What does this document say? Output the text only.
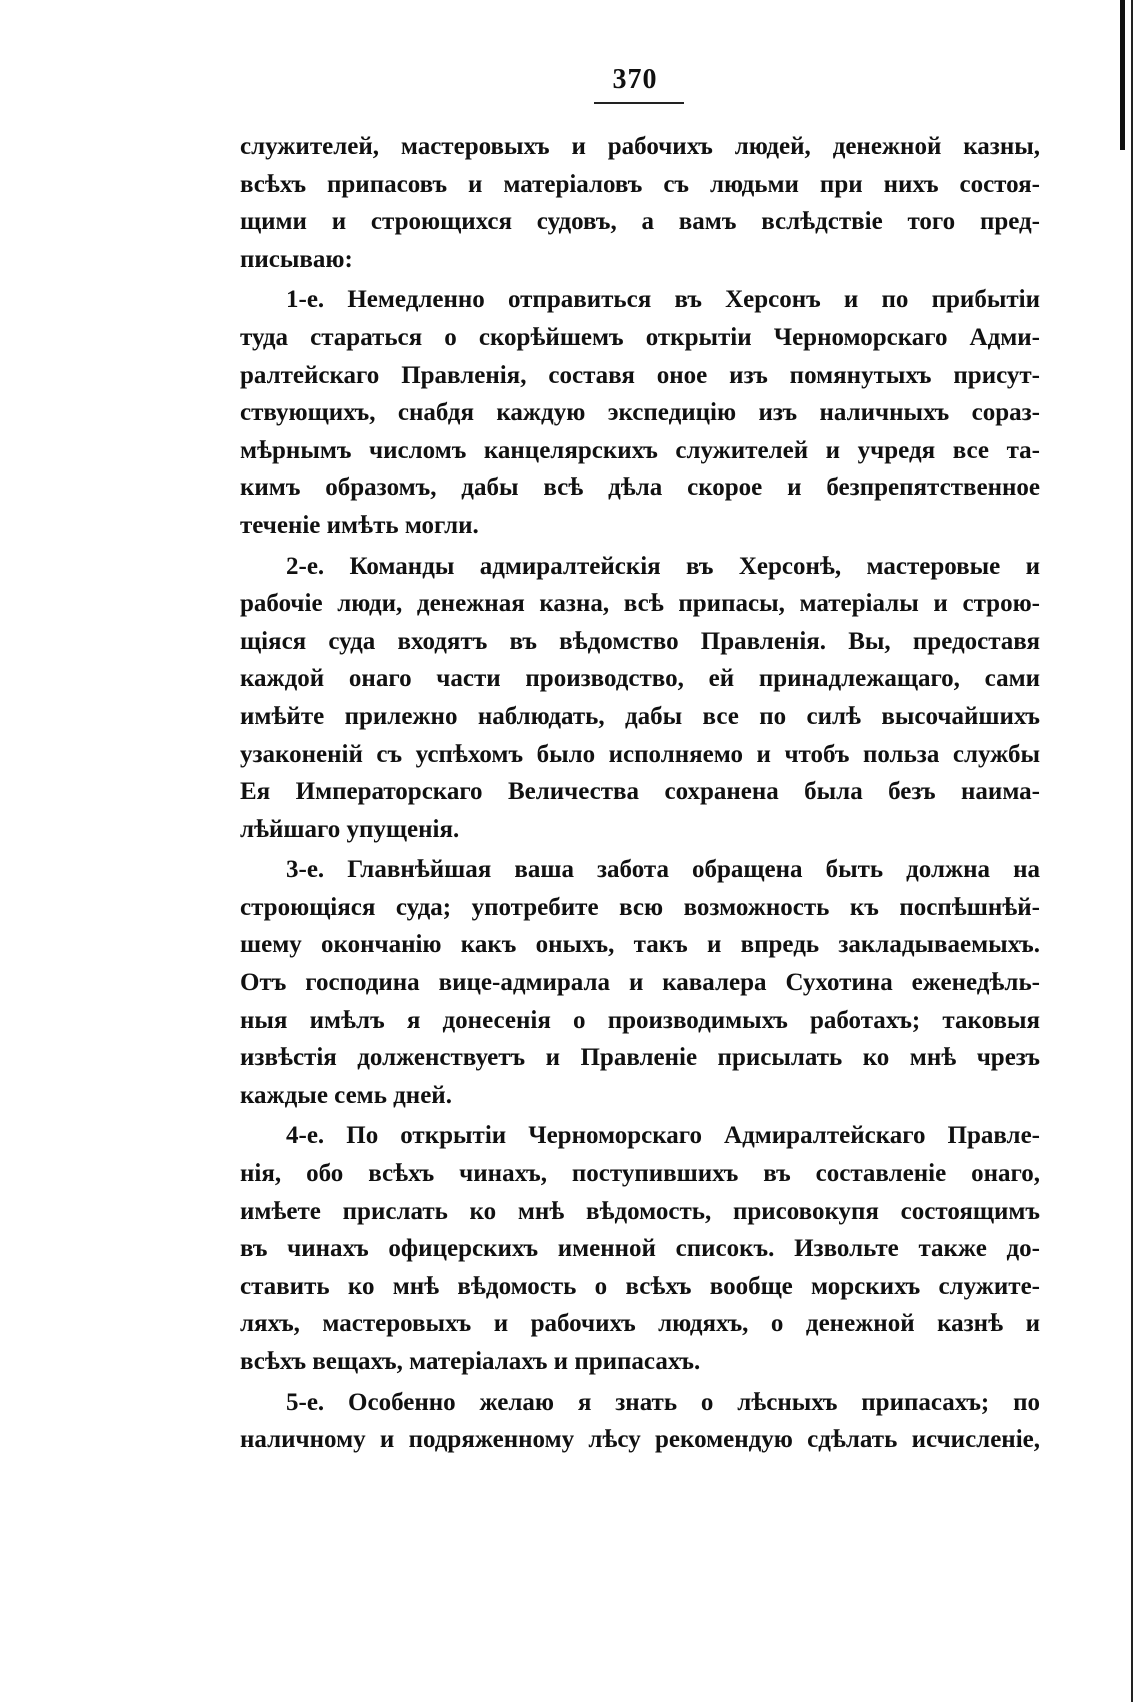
370
служителей, мастеровыхъ и рабочихъ людей, денежной казны,
всѣхъ припасовъ и матеріаловъ съ людьми при нихъ состоя-
щими и строющихся судовъ, а вамъ вслѣдствіе того пред-
писываю:
1-е. Немедленно отправиться въ Херсонъ и по прибытіи
туда стараться о скорѣйшемъ открытіи Черноморскаго Адми-
ралтейскаго Правленія, составя оное изъ помянутыхъ присут-
ствующихъ, снабдя каждую экспедицію изъ наличныхъ сораз-
мѣрнымъ числомъ канцелярскихъ служителей и учредя все та-
кимъ образомъ, дабы всѣ дѣла скорое и безпрепятственное
теченіе имѣть могли.
2-е. Команды адмиралтейскія въ Херсонѣ, мастеровые и
рабочіе люди, денежная казна, всѣ припасы, матеріалы и строю-
щіяся суда входятъ въ вѣдомство Правленія. Вы, предоставя
каждой онаго части производство, ей принадлежащаго, сами
имѣйте прилежно наблюдать, дабы все по силѣ высочайшихъ
узаконеній съ успѣхомъ было исполняемо и чтобъ польза службы
Ея Императорскаго Величества сохранена была безъ наима-
лѣйшаго упущенія.
3-е. Главнѣйшая ваша забота обращена быть должна на
строющіяся суда; употребите всю возможность къ поспѣшнѣй-
шему окончанію какъ оныхъ, такъ и впредь закладываемыхъ.
Отъ господина вице-адмирала и кавалера Сухотина еженедѣль-
ныя имѣлъ я донесенія о производимыхъ работахъ; таковыя
извѣстія долженствуетъ и Правленіе присылать ко мнѣ чрезъ
каждые семь дней.
4-е. По открытіи Черноморскаго Адмиралтейскаго Правле-
нія, обо всѣхъ чинахъ, поступившихъ въ составленіе онаго,
имѣете прислать ко мнѣ вѣдомость, присовокупя состоящимъ
въ чинахъ офицерскихъ именной списокъ. Извольте также до-
ставить ко мнѣ вѣдомость о всѣхъ вообще морскихъ служите-
ляхъ, мастеровыхъ и рабочихъ людяхъ, о денежной казнѣ и
всѣхъ вещахъ, матеріалахъ и припасахъ.
5-е. Особенно желаю я знать о лѣсныхъ припасахъ; по
наличному и подряженному лѣсу рекомендую сдѣлать исчисленіе,
